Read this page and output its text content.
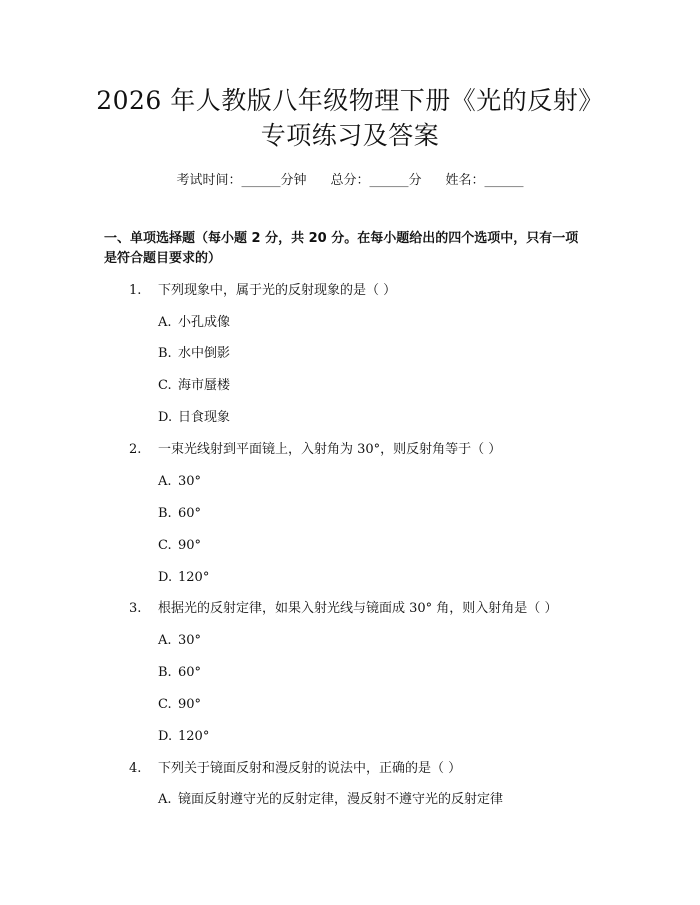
2026 年人教版八年级物理下册《光的反射》
专项练习及答案
考试时间：______分钟 总分：______分 姓名：______
一、单项选择题（每小题 2 分，共 20 分。在每小题给出的四个选项中，只有一项
是符合题目要求的）
1. 下列现象中，属于光的反射现象的是（ ）
A. 小孔成像
B. 水中倒影
C. 海市蜃楼
D. 日食现象
2. 一束光线射到平面镜上，入射角为 30°，则反射角等于（ ）
A. 30°
B. 60°
C. 90°
D. 120°
3. 根据光的反射定律，如果入射光线与镜面成 30° 角，则入射角是（ ）
A. 30°
B. 60°
C. 90°
D. 120°
4. 下列关于镜面反射和漫反射的说法中，正确的是（ ）
A. 镜面反射遵守光的反射定律，漫反射不遵守光的反射定律
